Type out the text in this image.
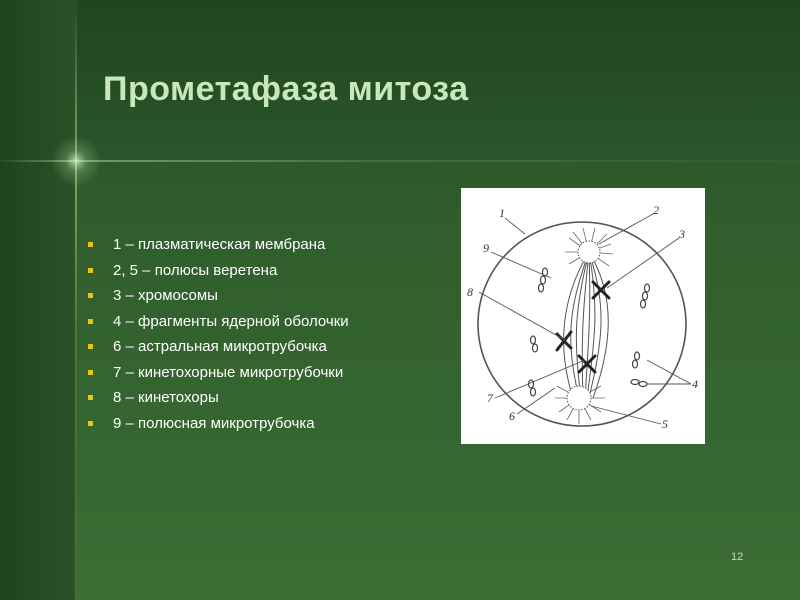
Прометафаза митоза
1 – плазматическая мембрана
2, 5 – полюсы веретена
3 – хромосомы
4 – фрагменты ядерной оболочки
6 – астральная микротрубочка
7 – кинетохорные микротрубочки
8 – кинетохоры
9 – полюсная микротрубочка
1	2
3
4
5
6
7
8
9
12
